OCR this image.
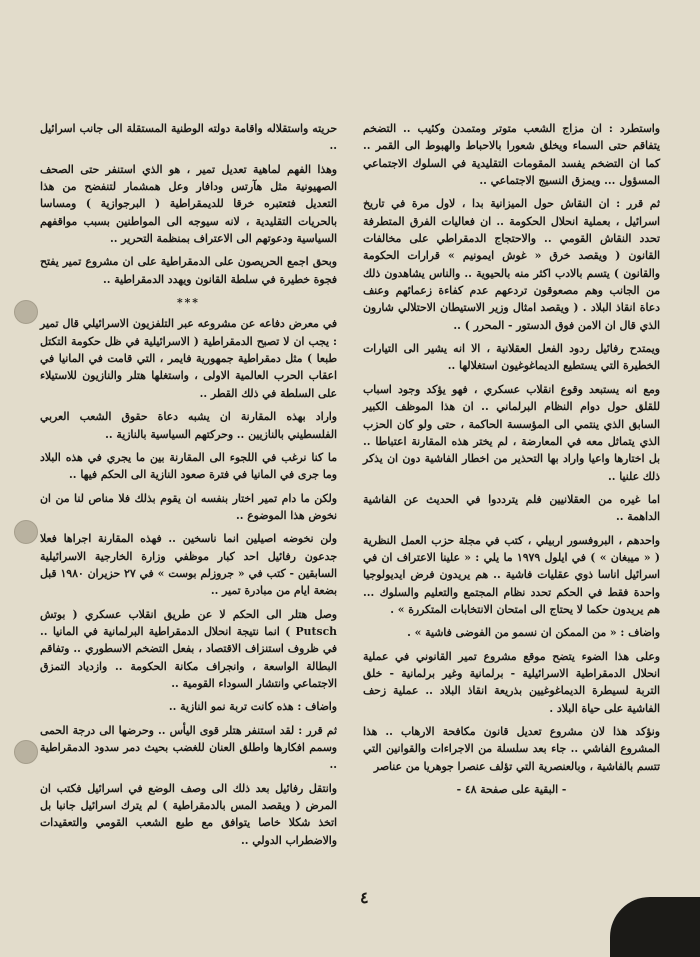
حريته واستقلاله واقامة دولته الوطنية المستقلة الى جانب اسرائيل ..

وهذا الفهم لماهية تعديل تمير ، هو الذي استنفر حتى الصحف الصهيونية مثل هآرتس ودافار وعل همشمار لتنفضح من هذا التعديل فتعتبره خرقا للديمقراطية ( البرجوازية ) ومساسا بالحريات التقليدية ، لانه سيوجه الى المواطنين بسبب مواقفهم السياسية ودعوتهم الى الاعتراف بمنظمة التحرير ..

وبحق اجمع الحريصون على الدمقراطية على ان مشروع تمير يفتح فجوة خطيرة في سلطة القانون ويهدد الدمقراطية ..

***

في معرض دفاعه عن مشروعه عبر التلفزيون الاسرائيلي قال تمير : يجب ان لا تصبح الدمقراطية ( الاسرائيلية في ظل حكومة التكتل طبعا ) مثل دمقراطية جمهورية فايمر ، التي قامت في المانيا في اعقاب الحرب العالمية الاولى ، واستغلها هتلر والنازيون للاستيلاء على السلطة في ذلك القطر ..

واراد بهذه المقارنة ان يشبه دعاة حقوق الشعب العربي الفلسطيني بالنازيين .. وحركتهم السياسية بالنازية ..

ما كنا نرغب في اللجوء الى المقارنة بين ما يجري في هذه البلاد وما جرى في المانيا في فترة صعود النازية الى الحكم فيها ..

ولكن ما دام تمير اختار بنفسه ان يقوم بذلك فلا مناص لنا من ان نخوض هذا الموضوع ..

ولن نخوضه اصيلين انما ناسخين .. فهذه المقارنة اجراها فعلا جدعون رفائيل احد كبار موظفي وزارة الخارجية الاسرائيلية السابقين - كتب في « جروزلم بوست » في ٢٧ حزيران ١٩٨٠ قبل بضعة ايام من مبادرة تمير ..

وصل هتلر الى الحكم لا عن طريق انقلاب عسكري ( بوتش Putsch ) انما نتيجة انحلال الدمقراطية البرلمانية في المانيا .. في ظروف استنزاف الاقتصاد ، بفعل التضخم الاسطوري .. وتفاقم البطالة الواسعة ، وانجراف مكانة الحكومة .. وازدياد التمزق الاجتماعي وانتشار السوداء القومية ..

واضاف : هذه كانت تربة نمو النازية ..

ثم قرر : لقد استنفر هتلر قوى اليأس .. وحرضها الى درجة الحمى وسمم افكارها واطلق العنان للغضب بحيث دمر سدود الدمقراطية ..

وانتقل رفائيل بعد ذلك الى وصف الوضع في اسرائيل فكتب ان المرض ( ويقصد المس بالدمقراطية ) لم يترك اسرائيل جانبا بل اتخذ شكلا خاصا يتوافق مع طبع الشعب القومي والتعقيدات والاضطراب الدولي ..

واستطرد : ان مزاج الشعب متوتر ومتمدن وكئيب .. التضخم يتفاقم حتى السماء ويخلق شعورا بالاحباط والهبوط الى القمر .. كما ان التضخم يفسد المقومات التقليدية في السلوك الاجتماعي المسؤول ... ويمزق النسيج الاجتماعي ..

ثم قرر : ان النقاش حول الميزانية بدا ، لاول مرة في تاريخ اسرائيل ، بعملية انحلال الحكومة .. ان فعاليات الفرق المتطرفة تحدد النقاش القومي .. والاحتجاج الدمقراطي على مخالفات القانون ( ويقصد خرق « غوش ايمونيم » قرارات الحكومة والقانون ) يتسم بالادب اكثر منه بالحيوية .. والناس يشاهدون ذلك من الجانب وهم مصعوقون تردعهم عدم كفاءة زعمائهم وعنف دعاة انقاذ البلاد . ( ويقصد امثال وزير الاستيطان الاحتلالي شارون الذي قال ان الامن فوق الدستور - المحرر ) ..

ويمتدح رفائيل ردود الفعل العقلانية ، الا انه يشير الى التيارات الخطيرة التي يستطيع الديماغوغيون استغلالها ..

ومع انه يستبعد وقوع انقلاب عسكري ، فهو يؤكد وجود اسباب للقلق حول دوام النظام البرلماني .. ان هذا الموظف الكبير السابق الذي ينتمي الى المؤسسة الحاكمة ، حتى ولو كان الحزب الذي يتماثل معه في المعارضة ، لم يختر هذه المقارنة اعتباطا .. بل اختارها واعيا واراد بها التحذير من اخطار الفاشية دون ان يذكر ذلك علنيا ..

اما غيره من العقلانيين فلم يترددوا في الحديث عن الفاشية الداهمة ..

واحدهم ، البروفسور اربيلي ، كتب في مجلة حزب العمل النظرية ( « ميبغان » ) في ايلول ١٩٧٩ ما يلي : « علينا الاعتراف ان في اسرائيل اناسا ذوي عقليات فاشية .. هم يريدون فرض ايديولوجيا واحدة فقط في الحكم تحدد نظام المجتمع والتعليم والسلوك ... هم يريدون حكما لا يحتاج الى امتحان الانتخابات المتكررة » .

واضاف : « من الممكن ان نسمو من الفوضى فاشية » .

وعلى هذا الضوء يتضح موقع مشروع تمير القانوني في عملية انحلال الدمقراطية الاسرائيلية - برلمانية وغير برلمانية - خلق التربة لسيطرة الديماغوغيين بذريعة انقاذ البلاد .. عملية زحف الفاشية على حياة البلاد .

ونؤكد هذا لان مشروع تعديل قانون مكافحة الارهاب .. هذا المشروع الفاشي .. جاء بعد سلسلة من الاجراءات والقوانين التي تتسم بالفاشية ، وبالعنصرية التي تؤلف عنصرا جوهريا من عناصر

- البقية على صفحة ٤٨ -

٤
